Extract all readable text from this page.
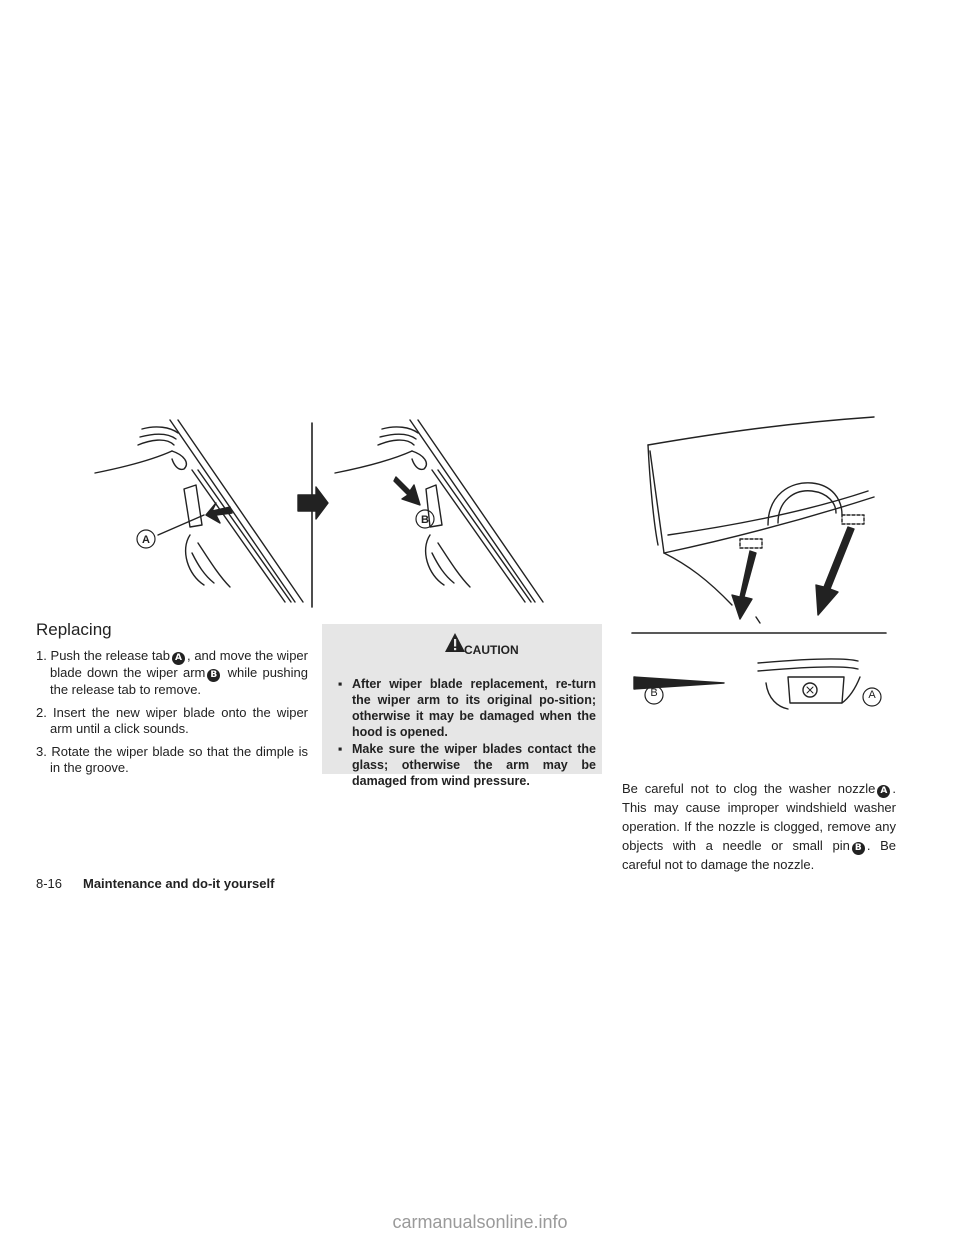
A
B
B	A
Replacing
1. Push the release tab A , and move the wiper blade down the wiper arm B while pushing the release tab to remove.
2. Insert the new wiper blade onto the wiper arm until a click sounds.
3. Rotate the wiper blade so that the dimple is in the groove.
CAUTION
▪ After wiper blade replacement, re-turn the wiper arm to its original po-sition; otherwise it may be damaged when the hood is opened.
▪ Make sure the wiper blades contact the glass; otherwise the arm may be damaged from wind pressure.	Be careful not to clog the washer nozzle A . This may cause improper windshield washer operation. If the nozzle is clogged, remove any objects with a needle or small pin B . Be careful not to damage the nozzle.

8-16 Maintenance and do-it yourself
carmanualsonline.info
